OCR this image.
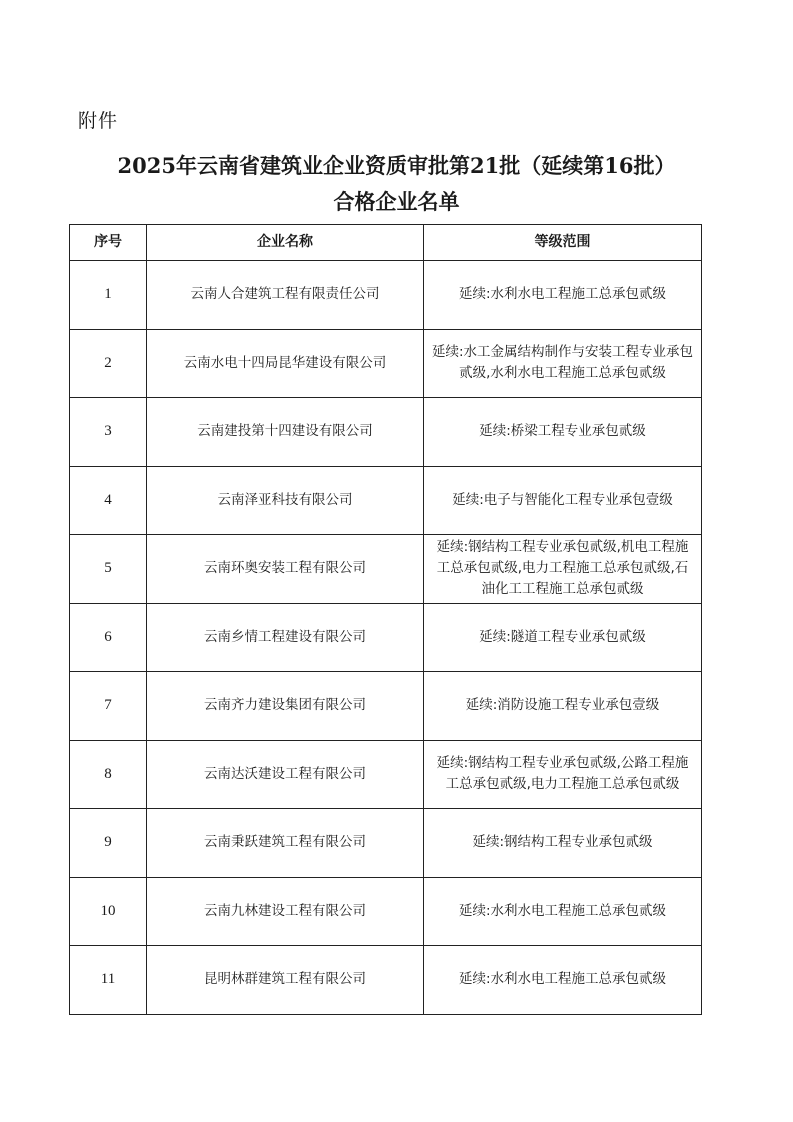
附件
2025年云南省建筑业企业资质审批第21批（延续第16批）
合格企业名单
序号	企业名称	等级范围
1	云南人合建筑工程有限责任公司	延续:水利水电工程施工总承包贰级
2	云南水电十四局昆华建设有限公司	延续:水工金属结构制作与安装工程专业承包贰级,水利水电工程施工总承包贰级
3	云南建投第十四建设有限公司	延续:桥梁工程专业承包贰级
4	云南泽亚科技有限公司	延续:电子与智能化工程专业承包壹级
5	云南环奥安装工程有限公司	延续:钢结构工程专业承包贰级,机电工程施工总承包贰级,电力工程施工总承包贰级,石油化工工程施工总承包贰级
6	云南乡情工程建设有限公司	延续:隧道工程专业承包贰级
7	云南齐力建设集团有限公司	延续:消防设施工程专业承包壹级
8	云南达沃建设工程有限公司	延续:钢结构工程专业承包贰级,公路工程施工总承包贰级,电力工程施工总承包贰级
9	云南秉跃建筑工程有限公司	延续:钢结构工程专业承包贰级
10	云南九林建设工程有限公司	延续:水利水电工程施工总承包贰级
11	昆明林群建筑工程有限公司	延续:水利水电工程施工总承包贰级
